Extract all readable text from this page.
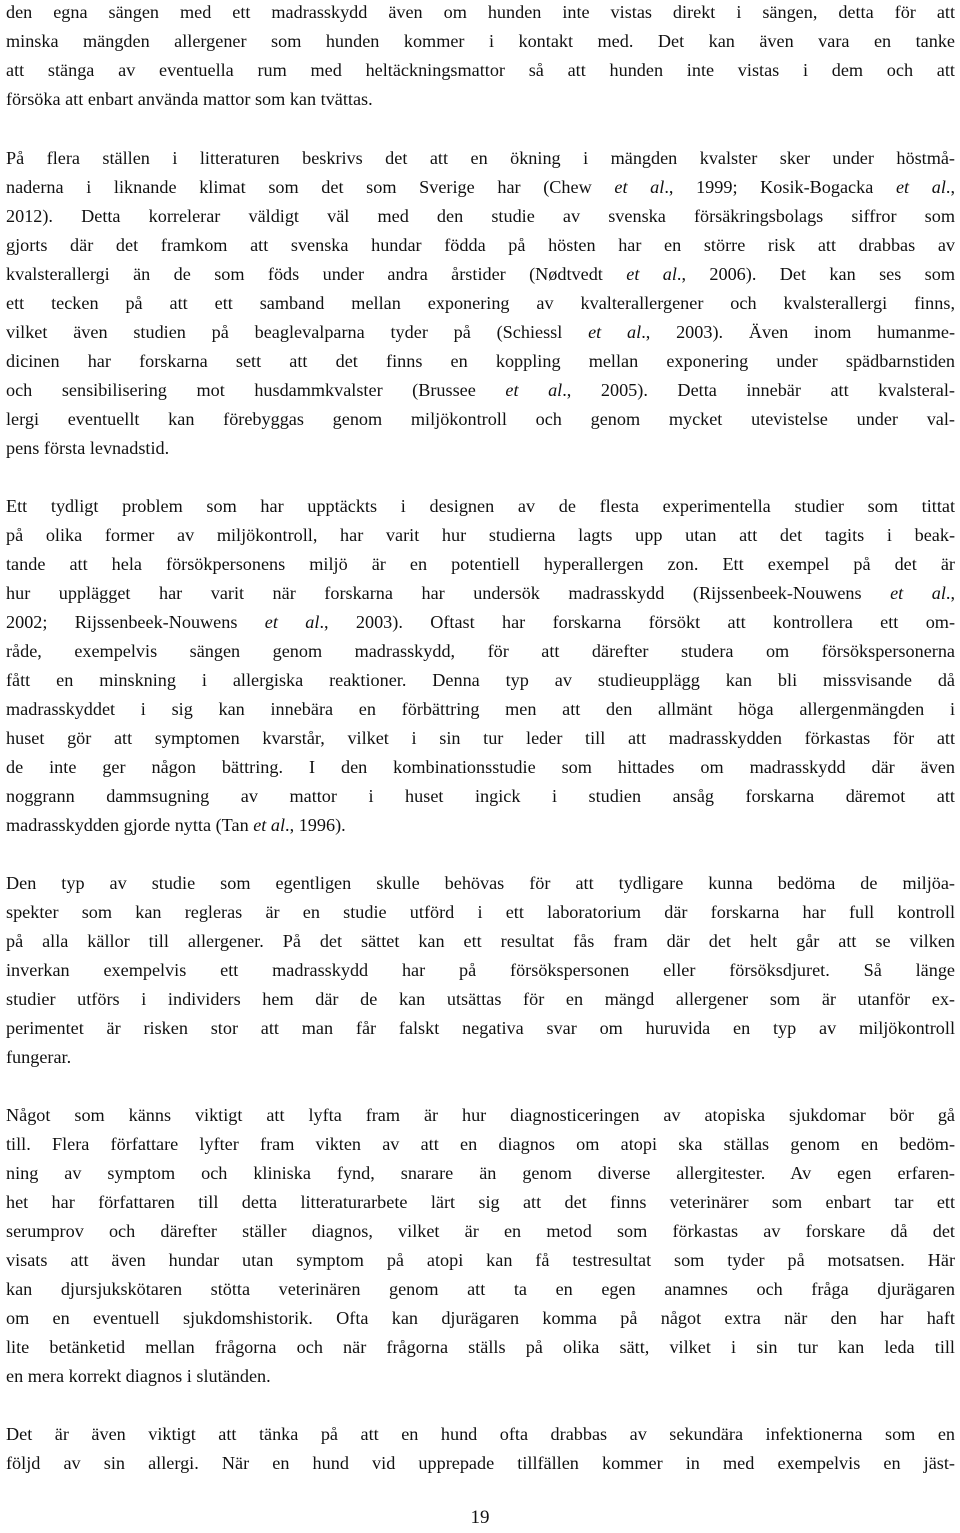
den egna sängen med ett madrasskydd även om hunden inte vistas direkt i sängen, detta för att
minska mängden allergener som hunden kommer i kontakt med. Det kan även vara en tanke
att stänga av eventuella rum med heltäckningsmattor så att hunden inte vistas i dem och att
försöka att enbart använda mattor som kan tvättas.
På flera ställen i litteraturen beskrivs det att en ökning i mängden kvalster sker under höstmå-
naderna i liknande klimat som det som Sverige har (Chew et al., 1999; Kosik-Bogacka et al.,
2012). Detta korrelerar väldigt väl med den studie av svenska försäkringsbolags siffror som
gjorts där det framkom att svenska hundar födda på hösten har en större risk att drabbas av
kvalsterallergi än de som föds under andra årstider (Nødtvedt et al., 2006). Det kan ses som
ett tecken på att ett samband mellan exponering av kvalterallergener och kvalsterallergi finns,
vilket även studien på beaglevalparna tyder på (Schiessl et al., 2003). Även inom humanme-
dicinen har forskarna sett att det finns en koppling mellan exponering under spädbarnstiden
och sensibilisering mot husdammkvalster (Brussee et al., 2005). Detta innebär att kvalsteral-
lergi eventuellt kan förebyggas genom miljökontroll och genom mycket utevistelse under val-
pens första levnadstid.
Ett tydligt problem som har upptäckts i designen av de flesta experimentella studier som tittat
på olika former av miljökontroll, har varit hur studierna lagts upp utan att det tagits i beak-
tande att hela försökpersonens miljö är en potentiell hyperallergen zon. Ett exempel på det är
hur upplägget har varit när forskarna har undersök madrasskydd (Rijssenbeek-Nouwens et al.,
2002; Rijssenbeek-Nouwens et al., 2003). Oftast har forskarna försökt att kontrollera ett om-
råde, exempelvis sängen genom madrasskydd, för att därefter studera om försökspersonerna
fått en minskning i allergiska reaktioner. Denna typ av studieupplägg kan bli missvisande då
madrasskyddet i sig kan innebära en förbättring men att den allmänt höga allergenmängden i
huset gör att symptomen kvarstår, vilket i sin tur leder till att madrasskydden förkastas för att
de inte ger någon bättring. I den kombinationsstudie som hittades om madrasskydd där även
noggrann dammsugning av mattor i huset ingick i studien ansåg forskarna däremot att
madrasskydden gjorde nytta (Tan et al., 1996).
Den typ av studie som egentligen skulle behövas för att tydligare kunna bedöma de miljöa-
spekter som kan regleras är en studie utförd i ett laboratorium där forskarna har full kontroll
på alla källor till allergener. På det sättet kan ett resultat fås fram där det helt går att se vilken
inverkan exempelvis ett madrasskydd har på försökspersonen eller försöksdjuret. Så länge
studier utförs i individers hem där de kan utsättas för en mängd allergener som är utanför ex-
perimentet är risken stor att man får falskt negativa svar om huruvida en typ av miljökontroll
fungerar.
Något som känns viktigt att lyfta fram är hur diagnosticeringen av atopiska sjukdomar bör gå
till. Flera författare lyfter fram vikten av att en diagnos om atopi ska ställas genom en bedöm-
ning av symptom och kliniska fynd, snarare än genom diverse allergitester. Av egen erfaren-
het har författaren till detta litteraturarbete lärt sig att det finns veterinärer som enbart tar ett
serumprov och därefter ställer diagnos, vilket är en metod som förkastas av forskare då det
visats att även hundar utan symptom på atopi kan få testresultat som tyder på motsatsen. Här
kan djursjukskötaren stötta veterinären genom att ta en egen anamnes och fråga djurägaren
om en eventuell sjukdomshistorik. Ofta kan djurägaren komma på något extra när den har haft
lite betänketid mellan frågorna och när frågorna ställs på olika sätt, vilket i sin tur kan leda till
en mera korrekt diagnos i slutänden.
Det är även viktigt att tänka på att en hund ofta drabbas av sekundära infektionerna som en
följd av sin allergi. När en hund vid upprepade tillfällen kommer in med exempelvis en jäst-
19
